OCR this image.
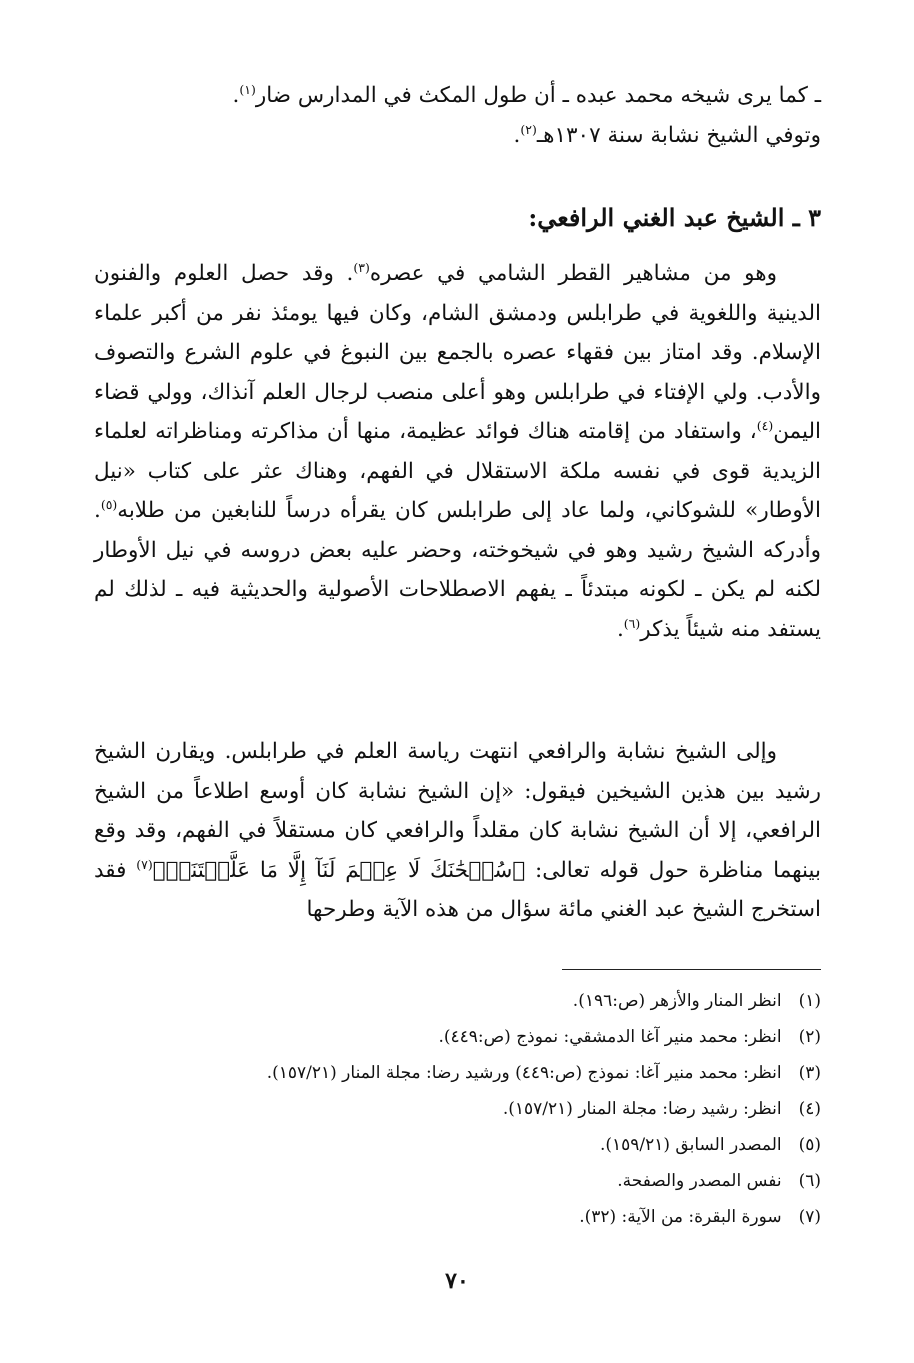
ـ كما يرى شيخه محمد عبده ـ أن طول المكث في المدارس ضار$^{(١)}$.
وتوفي الشيخ نشابة سنة ١٣٠٧هـ$^{(٢)}$.

٣ ـ الشيخ عبد الغني الرافعي:

وهو من مشاهير القطر الشامي في عصره$^{(٣)}$. وقد حصل العلوم والفنون الدينية واللغوية في طرابلس ودمشق الشام، وكان فيها يومئذ نفر من أكبر علماء الإسلام. وقد امتاز بين فقهاء عصره بالجمع بين النبوغ في علوم الشرع والتصوف والأدب. ولي الإفتاء في طرابلس وهو أعلى منصب لرجال العلم آنذاك، وولي قضاء اليمن$^{(٤)}$، واستفاد من إقامته هناك فوائد عظيمة، منها أن مذاكرته ومناظراته لعلماء الزيدية قوى في نفسه ملكة الاستقلال في الفهم، وهناك عثر على كتاب «نيل الأوطار» للشوكاني، ولما عاد إلى طرابلس كان يقرأه درساً للنابغين من طلابه$^{(٥)}$. وأدركه الشيخ رشيد وهو في شيخوخته، وحضر عليه بعض دروسه في نيل الأوطار لكنه لم يكن ـ لكونه مبتدئاً ـ يفهم الاصطلاحات الأصولية والحديثية فيه ـ لذلك لم يستفد منه شيئاً يذكر$^{(٦)}$.

وإلى الشيخ نشابة والرافعي انتهت رياسة العلم في طرابلس. ويقارن الشيخ رشيد بين هذين الشيخين فيقول: «إن الشيخ نشابة كان أوسع اطلاعاً من الشيخ الرافعي، إلا أن الشيخ نشابة كان مقلداً والرافعي كان مستقلاً في الفهم، وقد وقع بينهما مناظرة حول قوله تعالى: ﴿سُبۡحَٰنَكَ لَا عِلۡمَ لَنَآ إِلَّا مَا عَلَّمۡتَنَآۖ﴾$^{(٧)}$ فقد استخرج الشيخ عبد الغني مائة سؤال من هذه الآية وطرحها

(١) انظر المنار والأزهر (ص:١٩٦).
(٢) انظر: محمد منير آغا الدمشقي: نموذج (ص:٤٤٩).
(٣) انظر: محمد منير آغا: نموذج (ص:٤٤٩) ورشيد رضا: مجلة المنار (١٥٧/٢١).
(٤) انظر: رشيد رضا: مجلة المنار (١٥٧/٢١).
(٥) المصدر السابق (١٥٩/٢١).
(٦) نفس المصدر والصفحة.
(٧) سورة البقرة: من الآية: (٣٢).
٧٠
